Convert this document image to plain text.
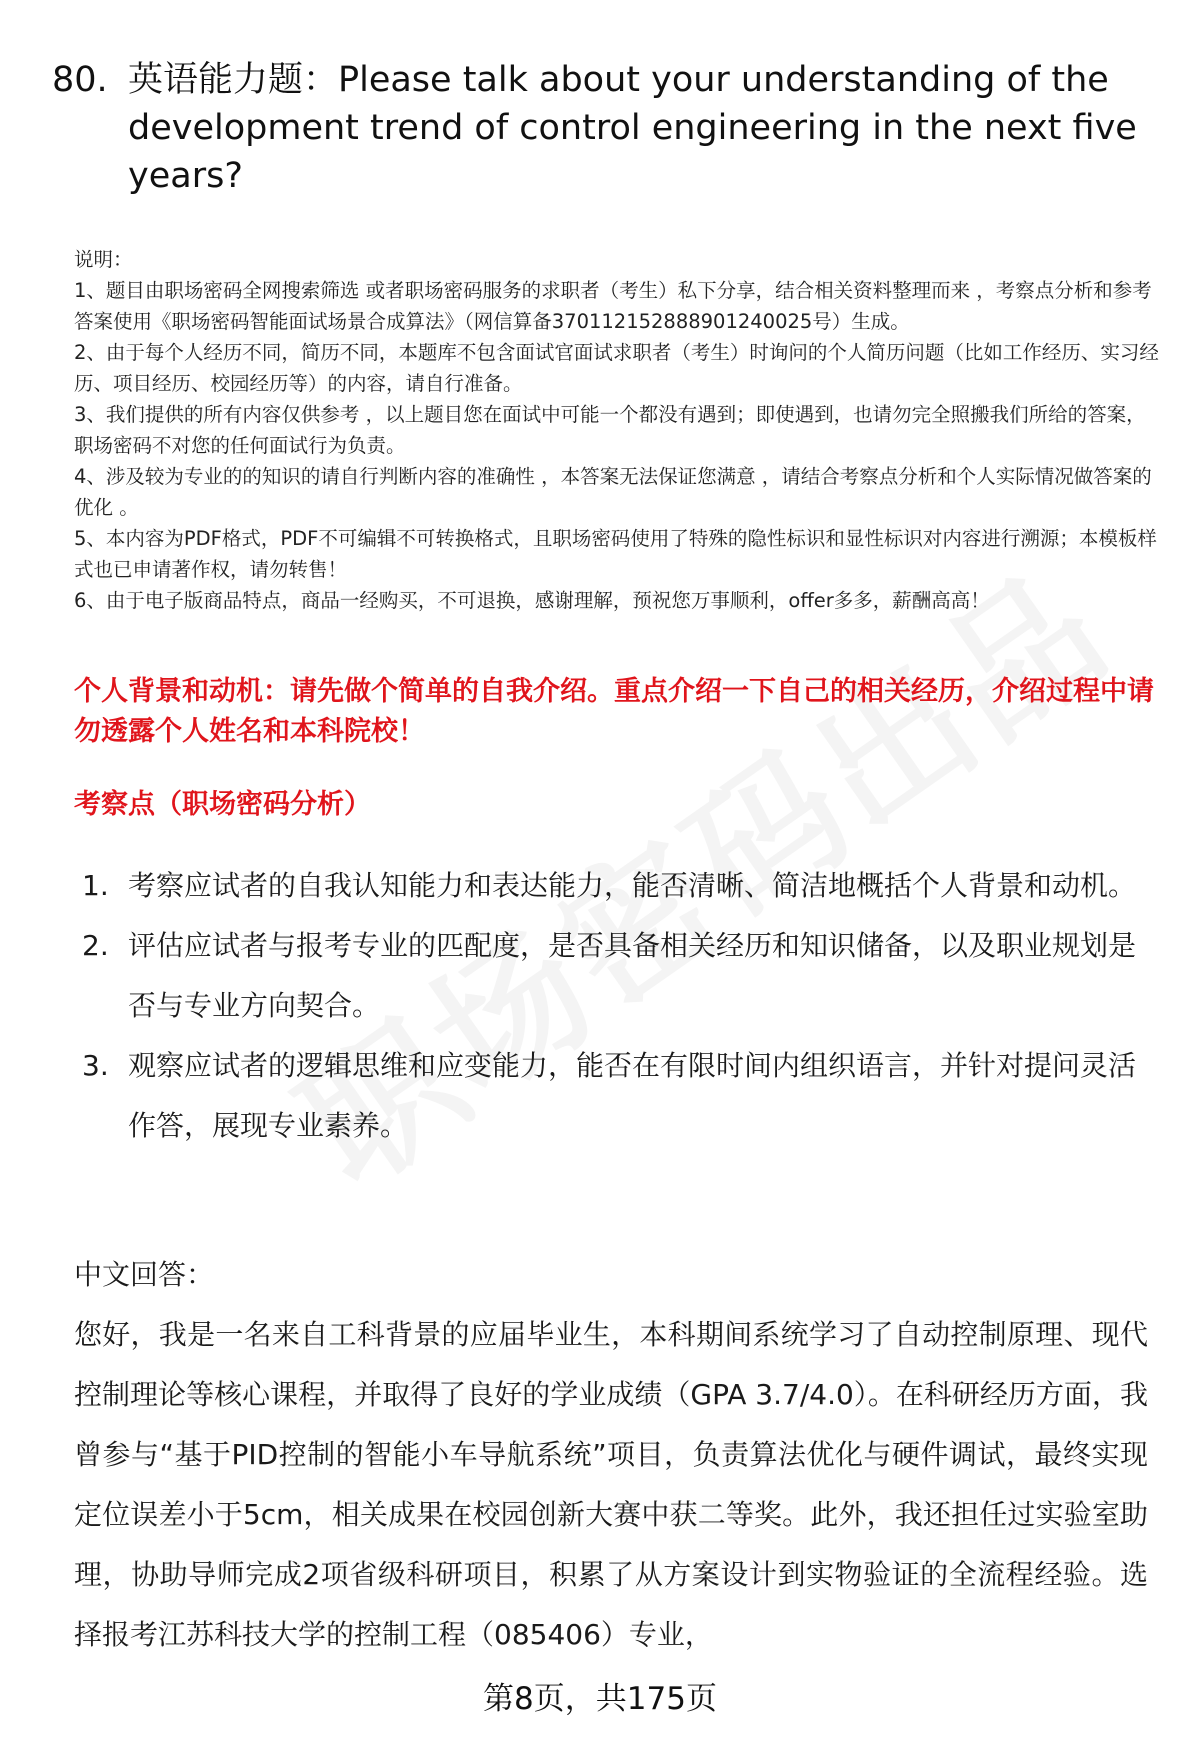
80. 英语能力题：Please talk about your understanding of the development trend of control engineering in the next five years?

说明：

1、题目由职场密码全网搜索筛选 或者职场密码服务的求职者（考生）私下分享，结合相关资料整理而来 ，考察点分析和参考答案使用《职场密码智能面试场景合成算法》（网信算备370112152888901240025号）生成。

2、由于每个人经历不同，简历不同，本题库不包含面试官面试求职者（考生）时询问的个人简历问题（比如工作经历、实习经历、项目经历、校园经历等）的内容，请自行准备。

3、我们提供的所有内容仅供参考 ，以上题目您在面试中可能一个都没有遇到；即使遇到，也请勿完全照搬我们所给的答案，职场密码不对您的任何面试行为负责。

4、涉及较为专业的的知识的请自行判断内容的准确性 ，本答案无法保证您满意 ，请结合考察点分析和个人实际情况做答案的优化 。

5、本内容为PDF格式，PDF不可编辑不可转换格式，且职场密码使用了特殊的隐性标识和显性标识对内容进行溯源；本模板样式也已申请著作权，请勿转售！

6、由于电子版商品特点，商品一经购买，不可退换，感谢理解，预祝您万事顺利，offer多多，薪酬高高！

个人背景和动机：请先做个简单的自我介绍。重点介绍一下自己的相关经历，介绍过程中请勿透露个人姓名和本科院校！
考察点（职场密码分析）
1. 考察应试者的自我认知能力和表达能力，能否清晰、简洁地概括个人背景和动机。
2. 评估应试者与报考专业的匹配度，是否具备相关经历和知识储备，以及职业规划是否与专业方向契合。
3. 观察应试者的逻辑思维和应变能力，能否在有限时间内组织语言，并针对提问灵活作答，展现专业素养。
中文回答：
您好，我是一名来自工科背景的应届毕业生，本科期间系统学习了自动控制原理、现代控制理论等核心课程，并取得了良好的学业成绩（GPA 3.7/4.0）。在科研经历方面，我曾参与“基于PID控制的智能小车导航系统”项目，负责算法优化与硬件调试，最终实现定位误差小于5cm，相关成果在校园创新大赛中获二等奖。此外，我还担任过实验室助理，协助导师完成2项省级科研项目，积累了从方案设计到实物验证的全流程经验。选择报考江苏科技大学的控制工程（085406）专业，
第8页，共175页
